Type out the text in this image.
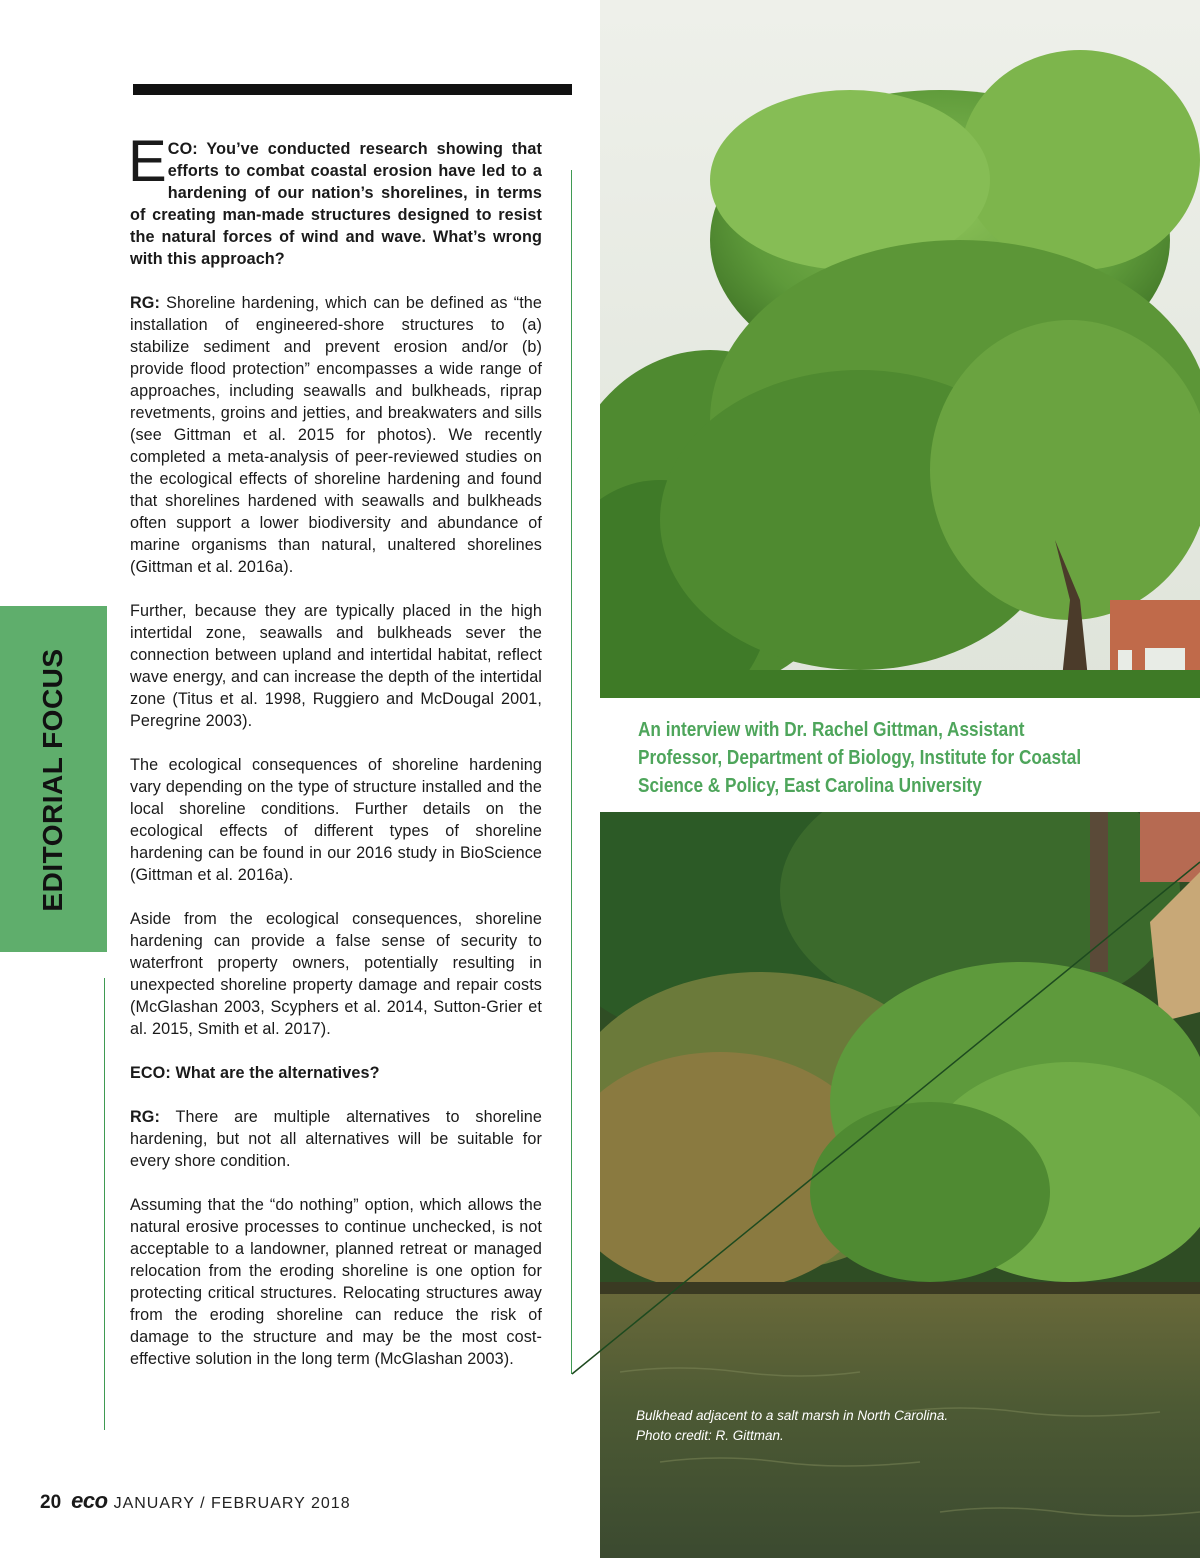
ECO: You’ve conducted research showing that efforts to combat coastal erosion have led to a hardening of our nation’s shorelines, in terms of creating man-made structures designed to resist the natural forces of wind and wave. What’s wrong with this approach?

RG: Shoreline hardening, which can be defined as “the installation of engineered-shore structures to (a) stabilize sediment and prevent erosion and/or (b) provide flood protection” encompasses a wide range of approaches, including seawalls and bulkheads, riprap revetments, groins and jetties, and breakwaters and sills (see Gittman et al. 2015 for photos). We recently completed a meta-analysis of peer-reviewed studies on the ecological effects of shoreline hardening and found that shorelines hardened with seawalls and bulkheads often support a lower biodiversity and abundance of marine organisms than natural, unaltered shorelines (Gittman et al. 2016a).

Further, because they are typically placed in the high intertidal zone, seawalls and bulkheads sever the connection between upland and intertidal habitat, reflect wave energy, and can increase the depth of the intertidal zone (Titus et al. 1998, Ruggiero and McDougal 2001, Peregrine 2003).

The ecological consequences of shoreline hardening vary depending on the type of structure installed and the local shoreline conditions. Further details on the ecological effects of different types of shoreline hardening can be found in our 2016 study in BioScience (Gittman et al. 2016a).

Aside from the ecological consequences, shoreline hardening can provide a false sense of security to waterfront property owners, potentially resulting in unexpected shoreline property damage and repair costs (McGlashan 2003, Scyphers et al. 2014, Sutton-Grier et al. 2015, Smith et al. 2017).

ECO: What are the alternatives?

RG: There are multiple alternatives to shoreline hardening, but not all alternatives will be suitable for every shore condition.

Assuming that the “do nothing” option, which allows the natural erosive processes to continue unchecked, is not acceptable to a landowner, planned retreat or managed relocation from the eroding shoreline is one option for protecting critical structures. Relocating structures away from the eroding shoreline can reduce the risk of damage to the structure and may be the most cost-effective solution in the long term (McGlashan 2003).

EDITORIAL FOCUS	An interview with Dr. Rachel Gittman, Assistant Professor, Department of Biology, Institute for Coastal Science & Policy, East Carolina University
Bulkhead adjacent to a salt marsh in North Carolina.
Photo credit: R. Gittman.
20 eco JANUARY / FEBRUARY 2018
